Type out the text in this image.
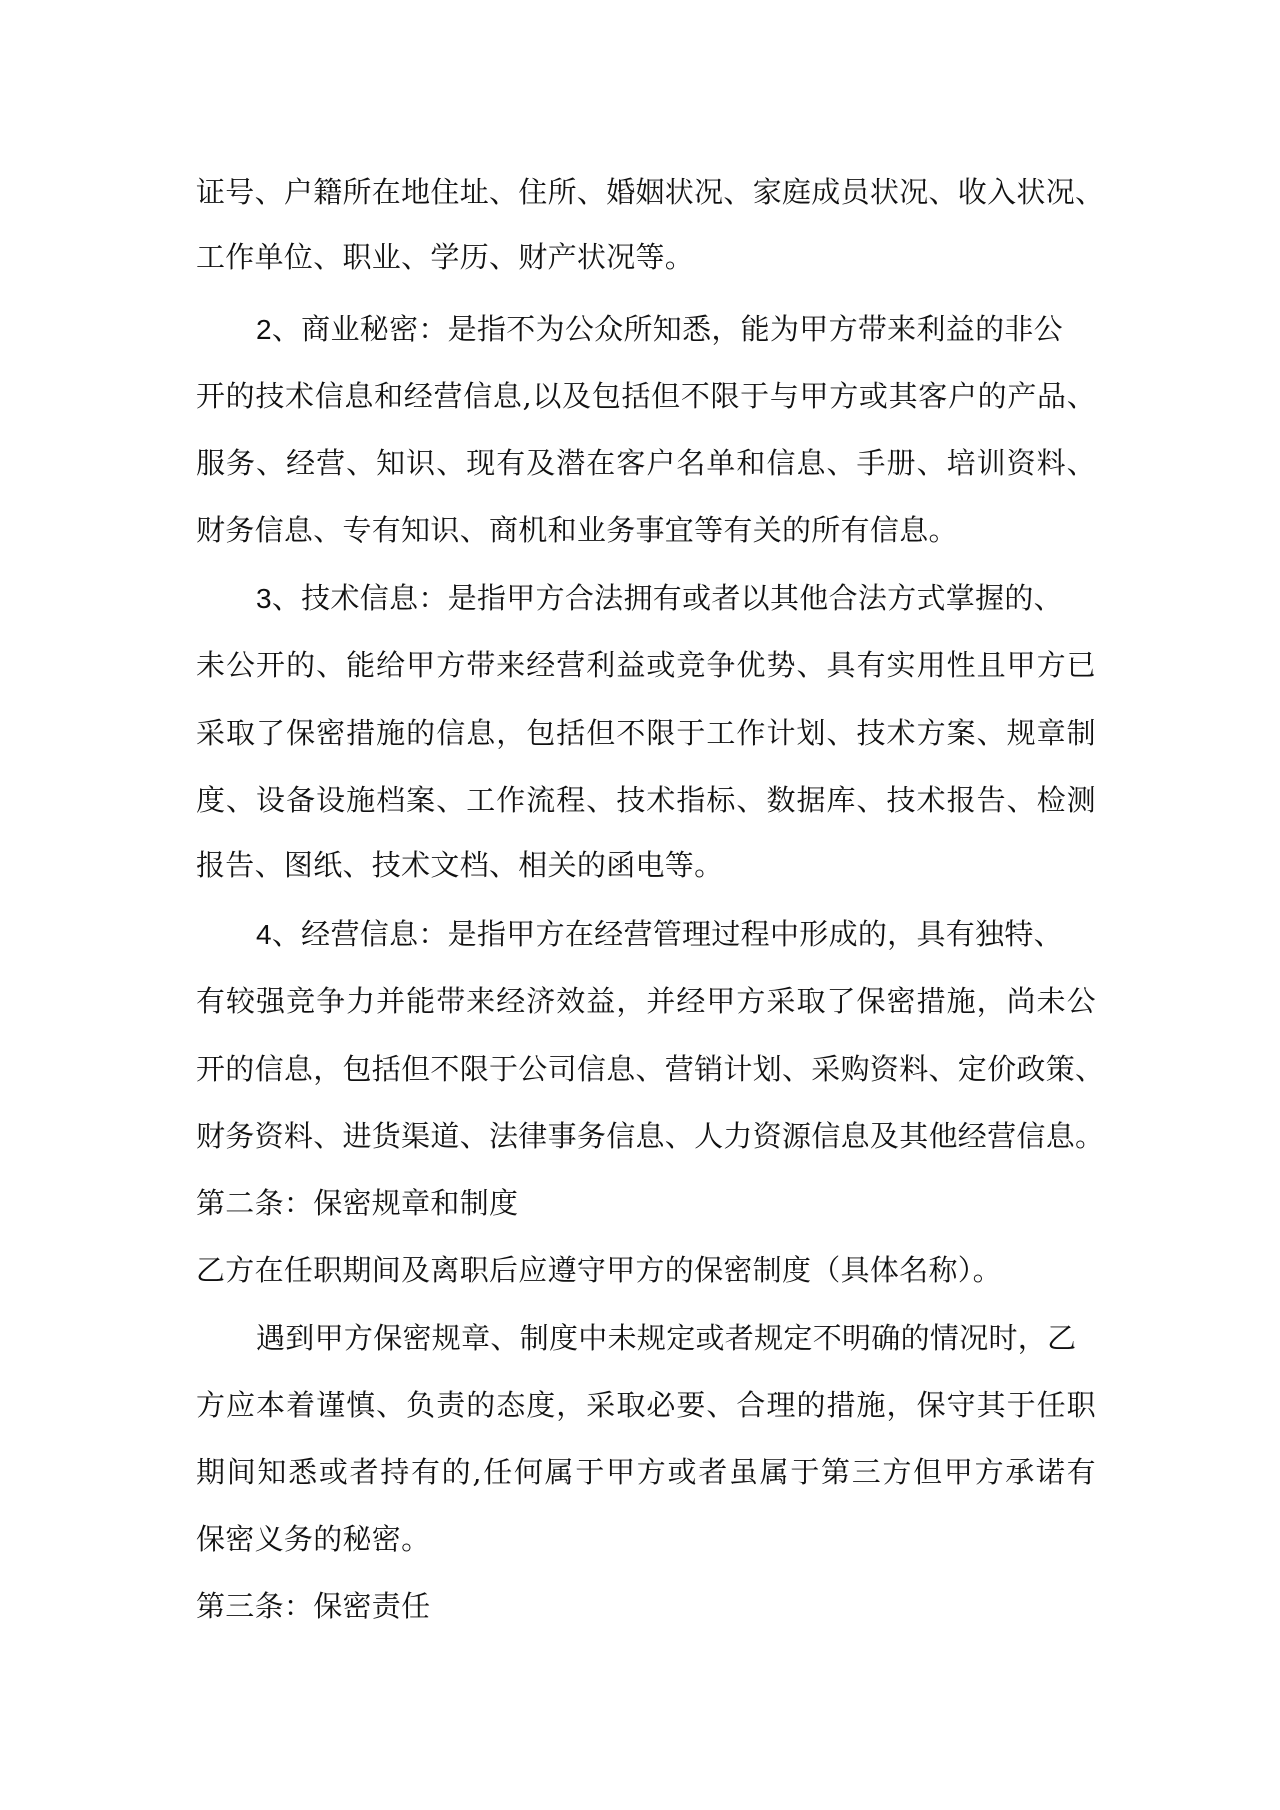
证号、户籍所在地住址、住所、婚姻状况、家庭成员状况、收入状况、
工作单位、职业、学历、财产状况等。
2、商业秘密：是指不为公众所知悉，能为甲方带来利益的非公
开的技术信息和经营信息,以及包括但不限于与甲方或其客户的产品、
服务、经营、知识、现有及潜在客户名单和信息、手册、培训资料、
财务信息、专有知识、商机和业务事宜等有关的所有信息。
3、技术信息：是指甲方合法拥有或者以其他合法方式掌握的、
未公开的、能给甲方带来经营利益或竞争优势、具有实用性且甲方已
采取了保密措施的信息，包括但不限于工作计划、技术方案、规章制
度、设备设施档案、工作流程、技术指标、数据库、技术报告、检测
报告、图纸、技术文档、相关的函电等。
4、经营信息：是指甲方在经营管理过程中形成的，具有独特、
有较强竞争力并能带来经济效益，并经甲方采取了保密措施，尚未公
开的信息，包括但不限于公司信息、营销计划、采购资料、定价政策、
财务资料、进货渠道、法律事务信息、人力资源信息及其他经营信息。
第二条：保密规章和制度
乙方在任职期间及离职后应遵守甲方的保密制度（具体名称）。
遇到甲方保密规章、制度中未规定或者规定不明确的情况时，乙
方应本着谨慎、负责的态度，采取必要、合理的措施，保守其于任职
期间知悉或者持有的,任何属于甲方或者虽属于第三方但甲方承诺有
保密义务的秘密。
第三条：保密责任
